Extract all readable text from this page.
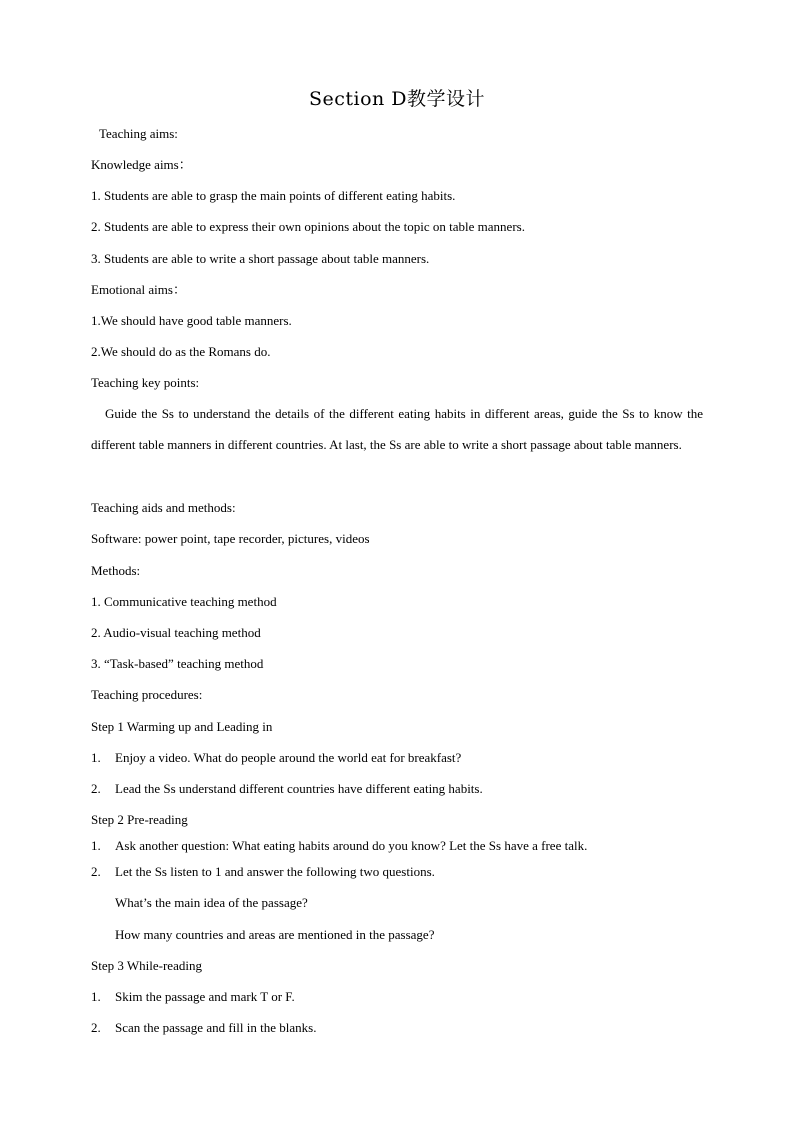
Section D教学设计
Teaching aims:
Knowledge aims：
1. Students are able to grasp the main points of different eating habits.
2. Students are able to express their own opinions about the topic on table manners.
3. Students are able to write a short passage about table manners.
Emotional aims：
1.We should have good table manners.
2.We should do as the Romans do.
Teaching key points:
Guide the Ss to understand the details of the different eating habits in different areas, guide the Ss to know the different table manners in different countries. At last, the Ss are able to write a short passage about table manners.
Teaching aids and methods:
Software: power point, tape recorder, pictures, videos
Methods:
1. Communicative teaching method
2. Audio-visual teaching method
3. “Task-based” teaching method
Teaching procedures:
Step 1 Warming up and Leading in
1. Enjoy a video. What do people around the world eat for breakfast?
2. Lead the Ss understand different countries have different eating habits.
Step 2 Pre-reading
1. Ask another question: What eating habits around do you know? Let the Ss have a free talk.
2. Let the Ss listen to 1 and answer the following two questions.
What’s the main idea of the passage?
How many countries and areas are mentioned in the passage?
Step 3 While-reading
1. Skim the passage and mark T or F.
2. Scan the passage and fill in the blanks.
